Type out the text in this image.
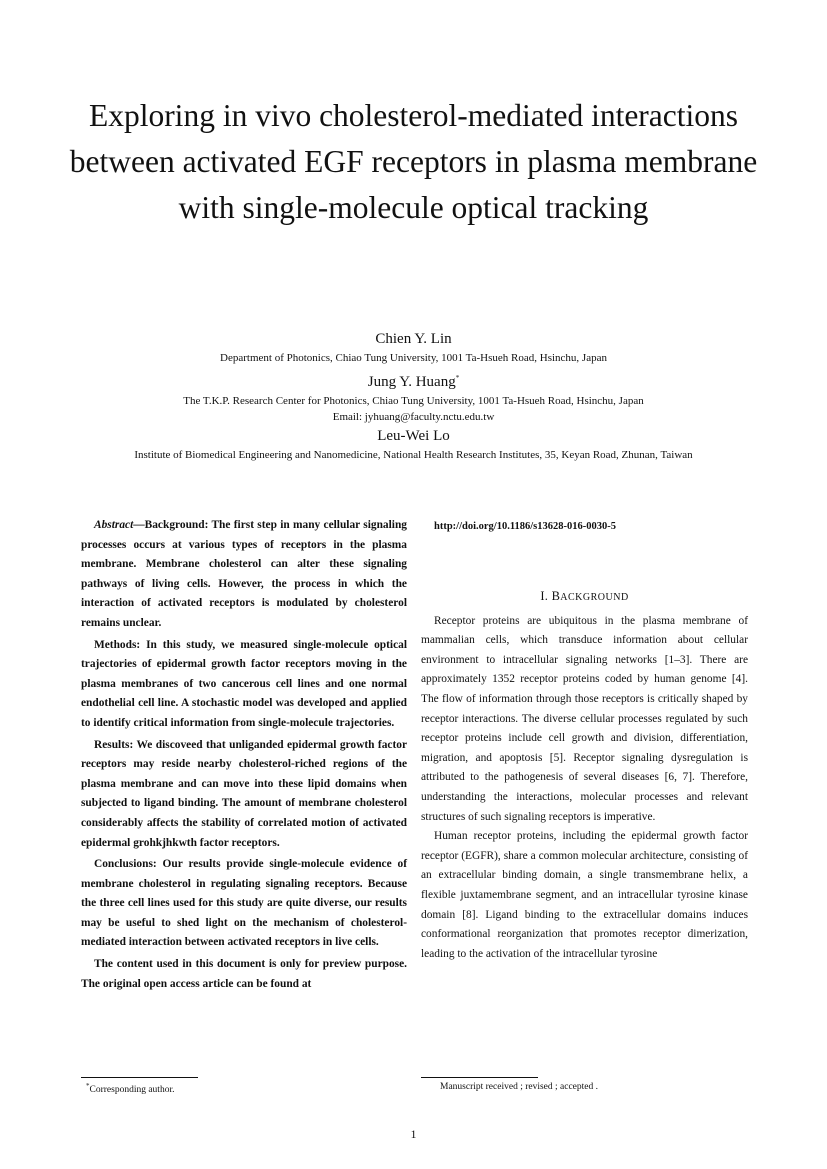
Exploring in vivo cholesterol-mediated interactions between activated EGF receptors in plasma membrane with single-molecule optical tracking

Chien Y. Lin

Department of Photonics, Chiao Tung University, 1001 Ta-Hsueh Road, Hsinchu, Japan

Jung Y. Huang*

The T.K.P. Research Center for Photonics, Chiao Tung University, 1001 Ta-Hsueh Road, Hsinchu, Japan

Email: jyhuang@faculty.nctu.edu.tw

Leu-Wei Lo

Institute of Biomedical Engineering and Nanomedicine, National Health Research Institutes, 35, Keyan Road, Zhunan, Taiwan

Abstract—Background: The first step in many cellular signaling processes occurs at various types of receptors in the plasma membrane. Membrane cholesterol can alter these signaling pathways of living cells. However, the process in which the interaction of activated receptors is modulated by cholesterol remains unclear.

Methods: In this study, we measured single-molecule optical trajectories of epidermal growth factor receptors moving in the plasma membranes of two cancerous cell lines and one normal endothelial cell line. A stochastic model was developed and applied to identify critical information from single-molecule trajectories.

Results: We discoveed that unliganded epidermal growth factor receptors may reside nearby cholesterol-riched regions of the plasma membrane and can move into these lipid domains when subjected to ligand binding. The amount of membrane cholesterol considerably affects the stability of correlated motion of activated epidermal grohkjhkwth factor receptors.

Conclusions: Our results provide single-molecule evidence of membrane cholesterol in regulating signaling receptors. Because the three cell lines used for this study are quite diverse, our results may be useful to shed light on the mechanism of cholesterol-mediated interaction between activated receptors in live cells.

The content used in this document is only for preview purpose. The original open access article can be found at

http://doi.org/10.1186/s13628-016-0030-5

I. BACKGROUND

Receptor proteins are ubiquitous in the plasma membrane of mammalian cells, which transduce information about cellular environment to intracellular signaling networks [1–3]. There are approximately 1352 receptor proteins coded by human genome [4]. The flow of information through those receptors is critically shaped by receptor interactions. The diverse cellular processes regulated by such receptor proteins include cell growth and division, differentiation, migration, and apoptosis [5]. Receptor signaling dysregulation is attributed to the pathogenesis of several diseases [6, 7]. Therefore, understanding the interactions, molecular processes and relevant structures of such signaling receptors is imperative.

Human receptor proteins, including the epidermal growth factor receptor (EGFR), share a common molecular architecture, consisting of an extracellular binding domain, a single transmembrane helix, a flexible juxtamembrane segment, and an intracellular tyrosine kinase domain [8]. Ligand binding to the extracellular domains induces conformational reorganization that promotes receptor dimerization, leading to the activation of the intracellular tyrosine

*Corresponding author.	Manuscript received ; revised ; accepted .
1
